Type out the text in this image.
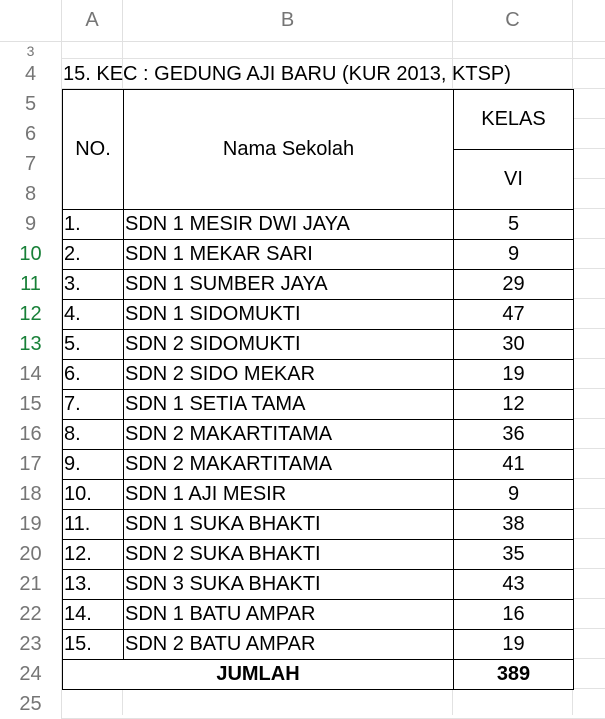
A	B	C
3
4
5
6
7
8
9
10
11
12
13
14
15
16
17
18
19
20
21
22
23
24
25
15. KEC : GEDUNG AJI BARU (KUR 2013, KTSP)
NO.	Nama Sekolah
KELAS
VI
1.	SDN 1 MESIR DWI JAYA	5
2.	SDN 1 MEKAR SARI	9
3.	SDN 1 SUMBER JAYA	29
4.	SDN 1 SIDOMUKTI	47
5.	SDN 2 SIDOMUKTI	30
6.	SDN 2 SIDO MEKAR	19
7.	SDN 1 SETIA TAMA	12
8.	SDN 2 MAKARTITAMA	36
9.	SDN 2 MAKARTITAMA	41
10.	SDN 1 AJI MESIR	9
11.	SDN 1 SUKA BHAKTI	38
12.	SDN 2 SUKA BHAKTI	35
13.	SDN 3 SUKA BHAKTI	43
14.	SDN 1 BATU AMPAR	16
15.	SDN 2 BATU AMPAR	19
JUMLAH	389
